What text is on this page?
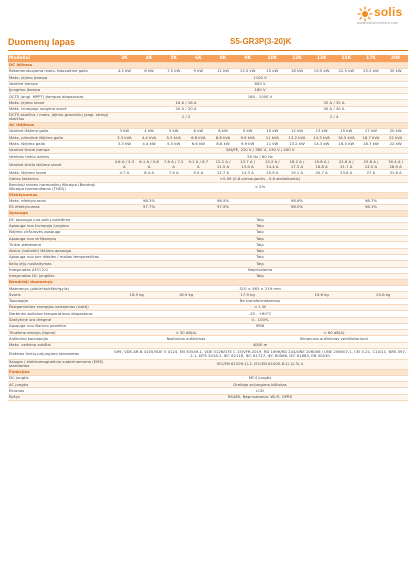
solis
www.solisinverters.com
Duomenų lapas	S5-GR3P(3-20)K
Modeliai	3K	4K	5K	6K	8K	9K	10K	12K	13K	15K	17K	20K
DC įėjimas												
Rekomenduojama maks. fotovoltinė galia	4.5 kW	6 kW	7.5 kW	9 kW	12 kW	13.5 kW	15 kW	18 kW	19.5 kW	22.5 kW	25.5 kW	30 kW
Maks. įėjimo įtampa	1100 V											
Vardinė įtampa	600 V											
Įjungimo įtampa	180 V											
DCTS (angl. MPPT) įtampos diapazonas	160 - 1000 V											
Maks. įėjimo srovė	16 A / 16 A						32 A / 32 A					
Maks. trumpojo jungimo srovė	20 A / 20 A						40 A / 40 A					
DCTS skaičius / maks. įėjimo grandinių (angl. string) skaičius	2 / 2						2 / 4					
AC išėjimas												
Vardinė išėjimo galia	3 kW	4 kW	5 kW	6 kW	8 kW	9 kW	10 kW	12 kW	13 kW	15 kW	17 kW	20 kW
Maks. pilnutinė išėjimo galia	3.3 kVA	4.4 kVA	5.5 kVA	6.6 kVA	8.8 kVA	9.9 kVA	11 kVA	13.2 kVA	14.3 kVA	16.5 kVA	18.7 kVA	22 kVA
Maks. išėjimo galia	3.3 kW	4.4 kW	5.5 kW	6.6 kW	8.8 kW	9.9 kW	11 kW	13.2 kW	14.3 kW	16.5 kW	18.7 kW	22 kW
Vardinė tinklo įtampa	3/N/PE, 220 V / 380 V, 230 V / 400 V											
Vardinis tinklo dažnis	50 Hz / 60 Hz											
Vardinė tinklo išėjimo srovė	4.6 A / 4.3 A	6.1 A / 5.8 A	7.6 A / 7.2 A	9.1 A / 8.7 A	12.2 A / 11.5 A	13.7 A / 13.0 A	15.2 A / 14.4 A	18.2 A / 17.3 A	19.8 A / 18.8 A	22.8 A / 21.7 A	25.8 A / 24.5 A	30.4 A / 28.9 A
Maks. išėjimo srovė	4.7 A	6.4 A	7.9 A	9.5 A	12.7 A	14.3 A	15.9 A	19.1 A	20.7 A	23.8 A	27 A	31.8 A
Galios faktorius	>0.99 (0.8 pirmaujantis - 0.8 atsiliekantis)											
Bendroji srovės harmonikių iškraipa (Bendroji iškraipa harmonikoms (THDi))	< 2%											
Efektyvumas												
Maks. efektyvumas	98.3%			98.5%			98.6%			98.7%		
ES efektyvumas	97.7%			97.9%			98.0%			98.1%		
Apsauga												
DC apsauga nuo polių sukeitimo	Taip											
Apsauga nuo trumpojo jungimo	Taip											
Išėjimo viršsrovės apsauga	Taip											
Apsauga nuo viršįtampių	Taip											
Tinklo stebėsena	Taip											
Atvirо (izoliatėl) išėjimo apsauga	Taip											
Apsauga nuo per didelės / mažos temperatūros	Taip											
Kelių įėjų nuskaitymas	Taip											
Integruotas AFCI 2.0	Neprivaloma											
Integruotas DC jungiklis	Taip											
Bendrieji duomenys												
Matmenys (plotis*aukštis*gylis)	310 × 563 × 219 mm											
Svoris	16.5 kg		16.9 kg		17.9 kg			19.6 kg			20.8 kg	
Topologija	Be transformatoriaus											
Pasigaminties energijos vartojimas (naktį)	< 1 W											
Darbinės aplinkos temperatūros diapazonas	-25 - +60°C											
Santykinė oro drėgmė	0 - 100%											
Apsauga nuo išorinio poveikio	IP66											
Triukšmo emisija (tipinė)	< 30 dB(A)						< 60 dB(A)					
Aušinimo koncepcija	Natūralus aušinimas						Išmanusis aušinimas ventiliatoriumi					
Maks. veikimo aukštis	4000 m											
Elektros tinklų prijungimo standartas	G99, VDE-AR-N 4105/VDE V 0124, EN 50549-1, VDE 0126/UTE C 15/VFR:2019, RD 1699/RD 244/UNE 206006 / UNE 206007-1, CEI 0-21, C10/11, NRS 097-2-1, EIFS 2018.2, IEC 62116, IEC 61727, IEC 60068, IEC 61683, EN 50530											
Saugos / elektromagnetinio suderinamumo (EMS) standartas	IEC/EN 62109-1/-2, IEC/EN 61000-6-1/-2/-3/-4											
Funkcijos												
DC jungtis	MC4 jungtis											
AC jungtis	Greitojo prijungimo kištukas											
Ekranas	LCD											
Ryšys	RS485, Neprivalomai: Wi-Fi, GPRS											
